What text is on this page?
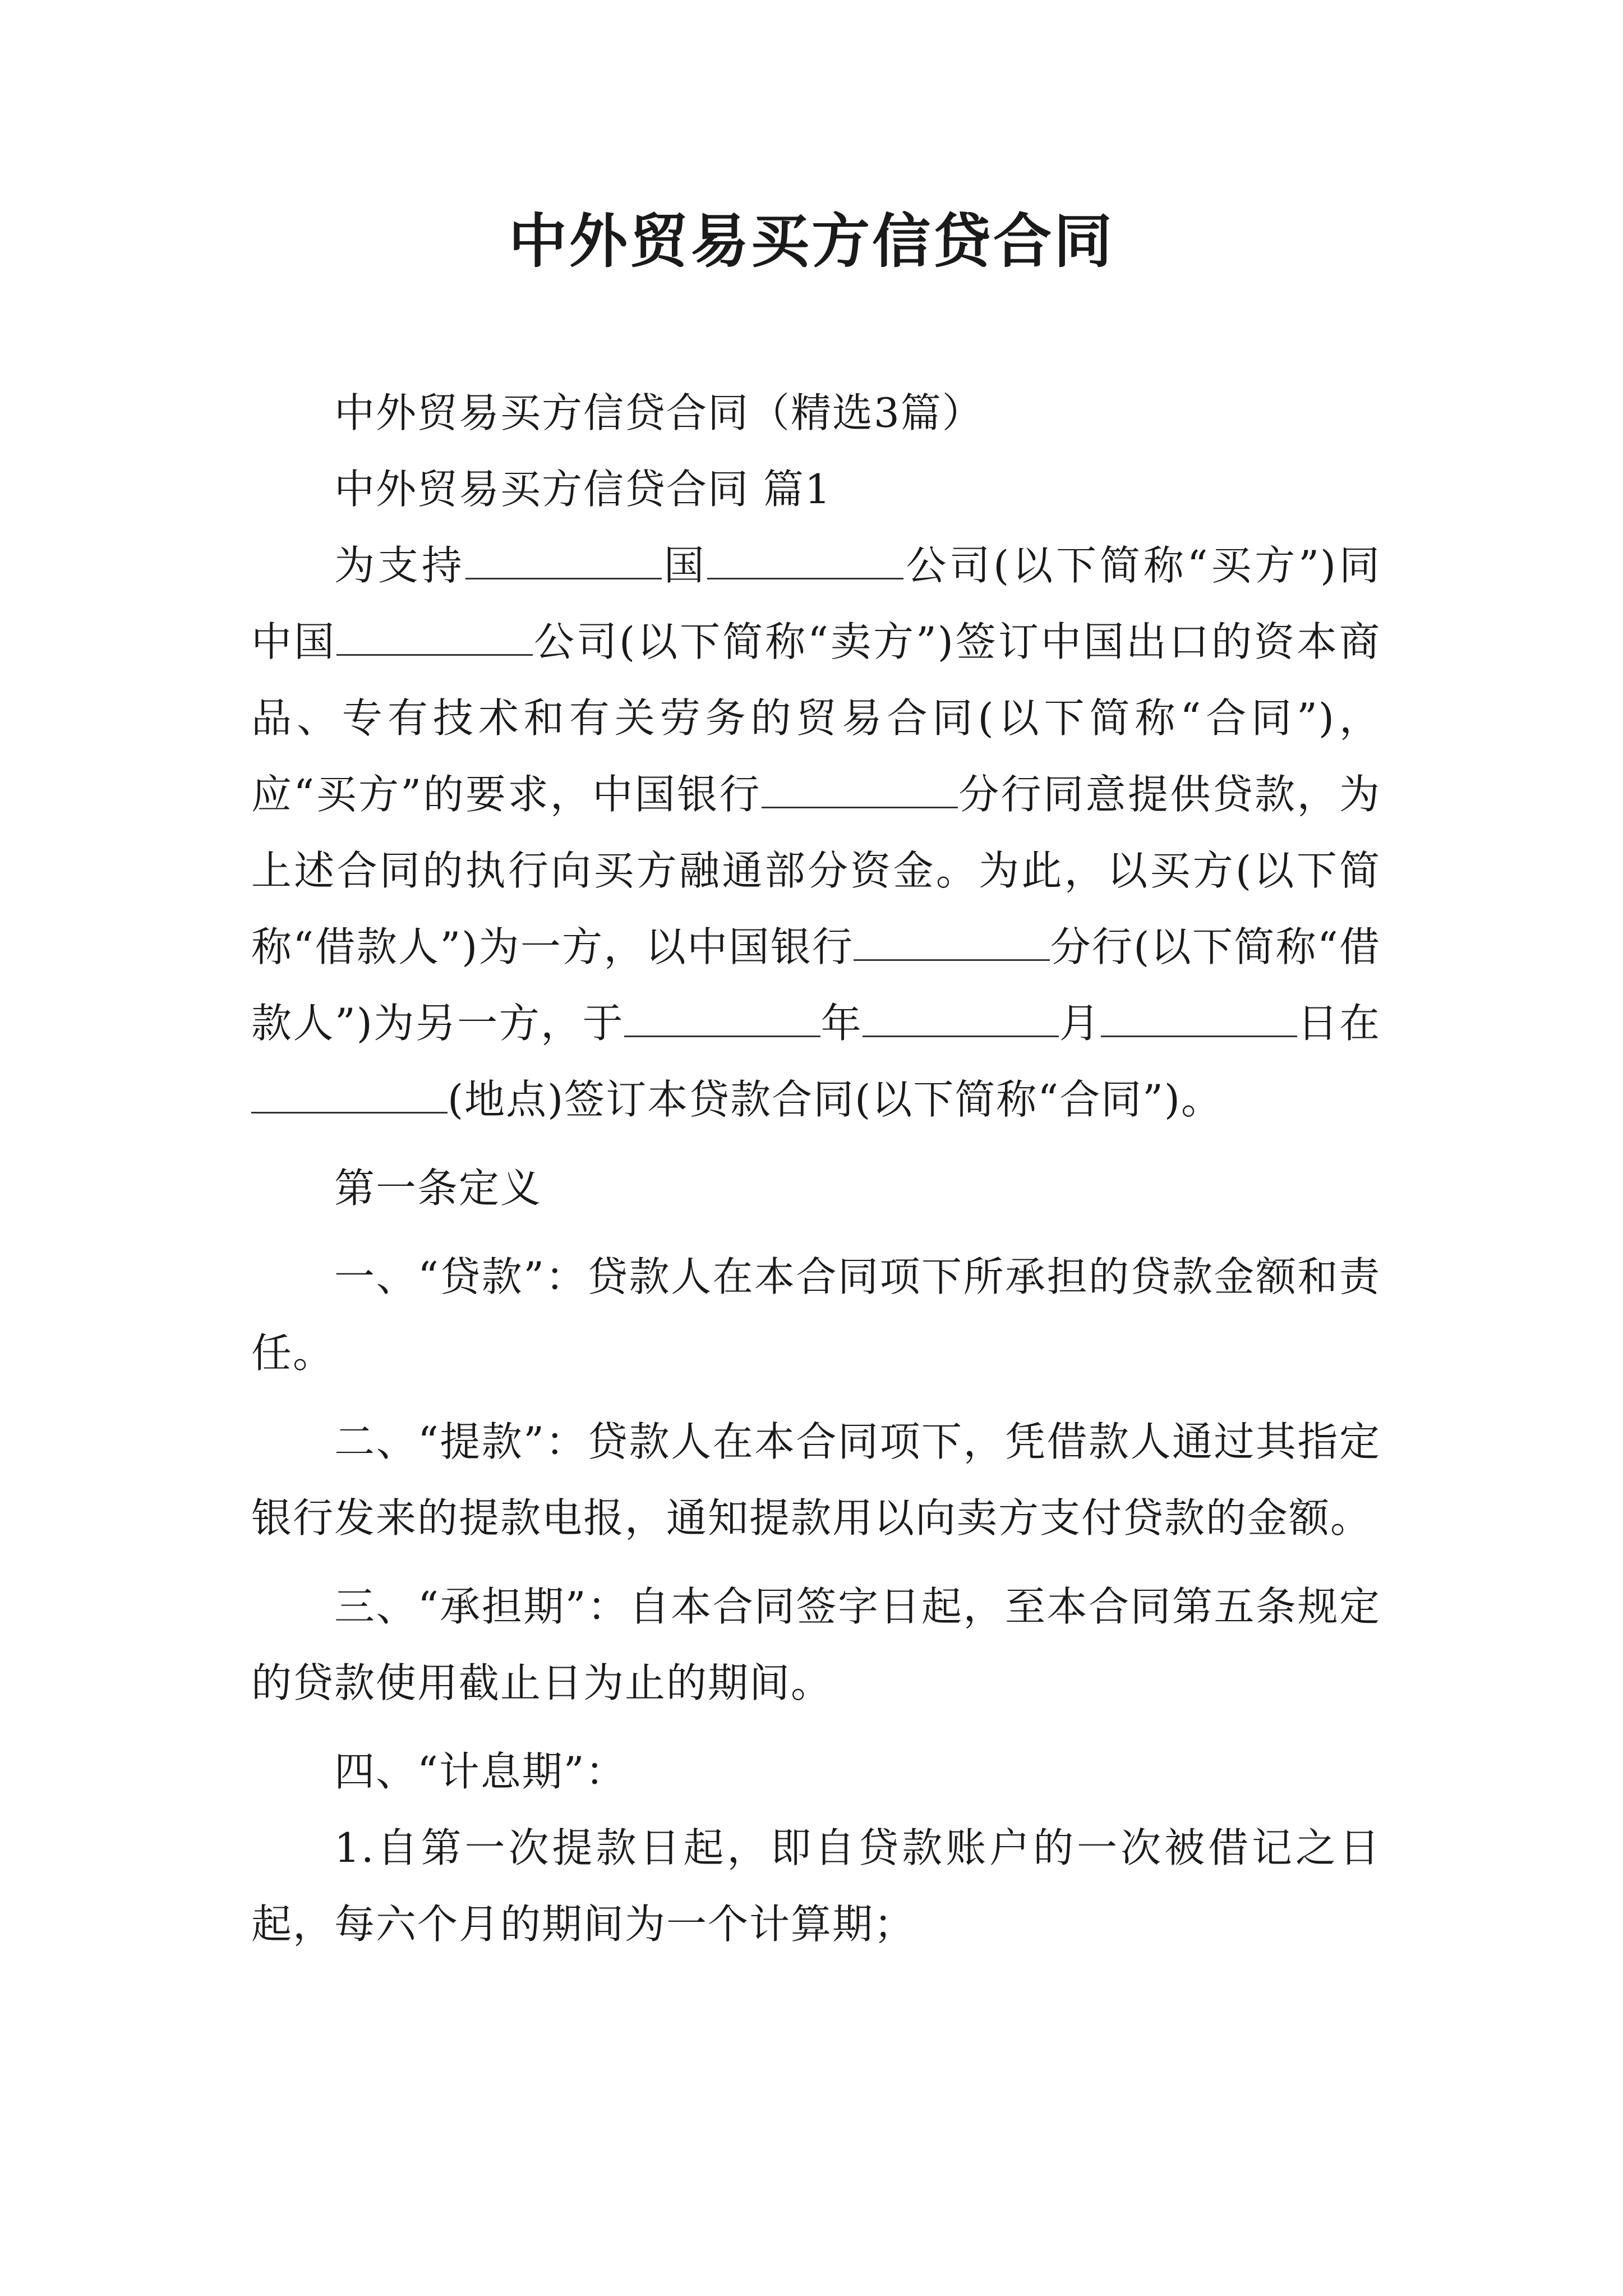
中外贸易买方信贷合同

中外贸易买方信贷合同（精选3篇）

中外贸易买方信贷合同 篇1

为支持	国	公司(以下简称“买方”)同中国	公司(以下简称“卖方”)签订中国出口的资本商品、专有技术和有关劳务的贸易合同(以下简称“合同”)，应“买方”的要求，中国银行	分行同意提供贷款，为上述合同的执行向买方融通部分资金。为此，以买方(以下简称“借款人”)为一方，以中国银行	分行(以下简称“借款人”)为另一方，于	年	月	日在(地点)签订本贷款合同(以下简称“合同”)。

第一条定义

一、“贷款”：贷款人在本合同项下所承担的贷款金额和责任。

二、“提款”：贷款人在本合同项下，凭借款人通过其指定银行发来的提款电报，通知提款用以向卖方支付贷款的金额。

三、“承担期”：自本合同签字日起，至本合同第五条规定的贷款使用截止日为止的期间。

四、“计息期”：

1.自第一次提款日起，即自贷款账户的一次被借记之日起，每六个月的期间为一个计算期；
